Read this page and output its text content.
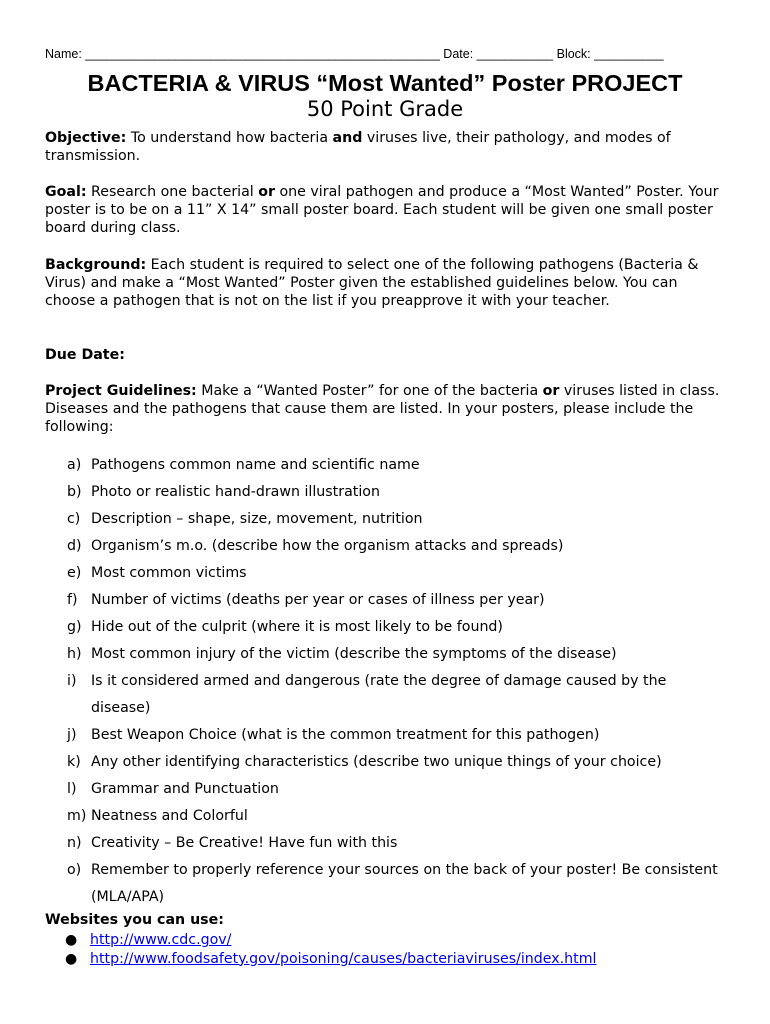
Name: ___________________________________________________ Date: ___________ Block: __________
BACTERIA & VIRUS “Most Wanted” Poster PROJECT
50 Point Grade
Objective: To understand how bacteria and viruses live, their pathology, and modes of transmission.
Goal: Research one bacterial or one viral pathogen and produce a “Most Wanted” Poster. Your poster is to be on a 11” X 14” small poster board. Each student will be given one small poster board during class.
Background: Each student is required to select one of the following pathogens (Bacteria & Virus) and make a “Most Wanted” Poster given the established guidelines below. You can choose a pathogen that is not on the list if you preapprove it with your teacher.
Due Date:
Project Guidelines: Make a “Wanted Poster” for one of the bacteria or viruses listed in class. Diseases and the pathogens that cause them are listed. In your posters, please include the following:
a) Pathogens common name and scientific name
b) Photo or realistic hand-drawn illustration
c) Description – shape, size, movement, nutrition
d) Organism’s m.o. (describe how the organism attacks and spreads)
e) Most common victims
f) Number of victims (deaths per year or cases of illness per year)
g) Hide out of the culprit (where it is most likely to be found)
h) Most common injury of the victim (describe the symptoms of the disease)
i) Is it considered armed and dangerous (rate the degree of damage caused by the disease)
j) Best Weapon Choice (what is the common treatment for this pathogen)
k) Any other identifying characteristics (describe two unique things of your choice)
l) Grammar and Punctuation
m) Neatness and Colorful
n) Creativity – Be Creative! Have fun with this
o) Remember to properly reference your sources on the back of your poster! Be consistent (MLA/APA)
Websites you can use:
● http://www.cdc.gov/
● http://www.foodsafety.gov/poisoning/causes/bacteriaviruses/index.html
